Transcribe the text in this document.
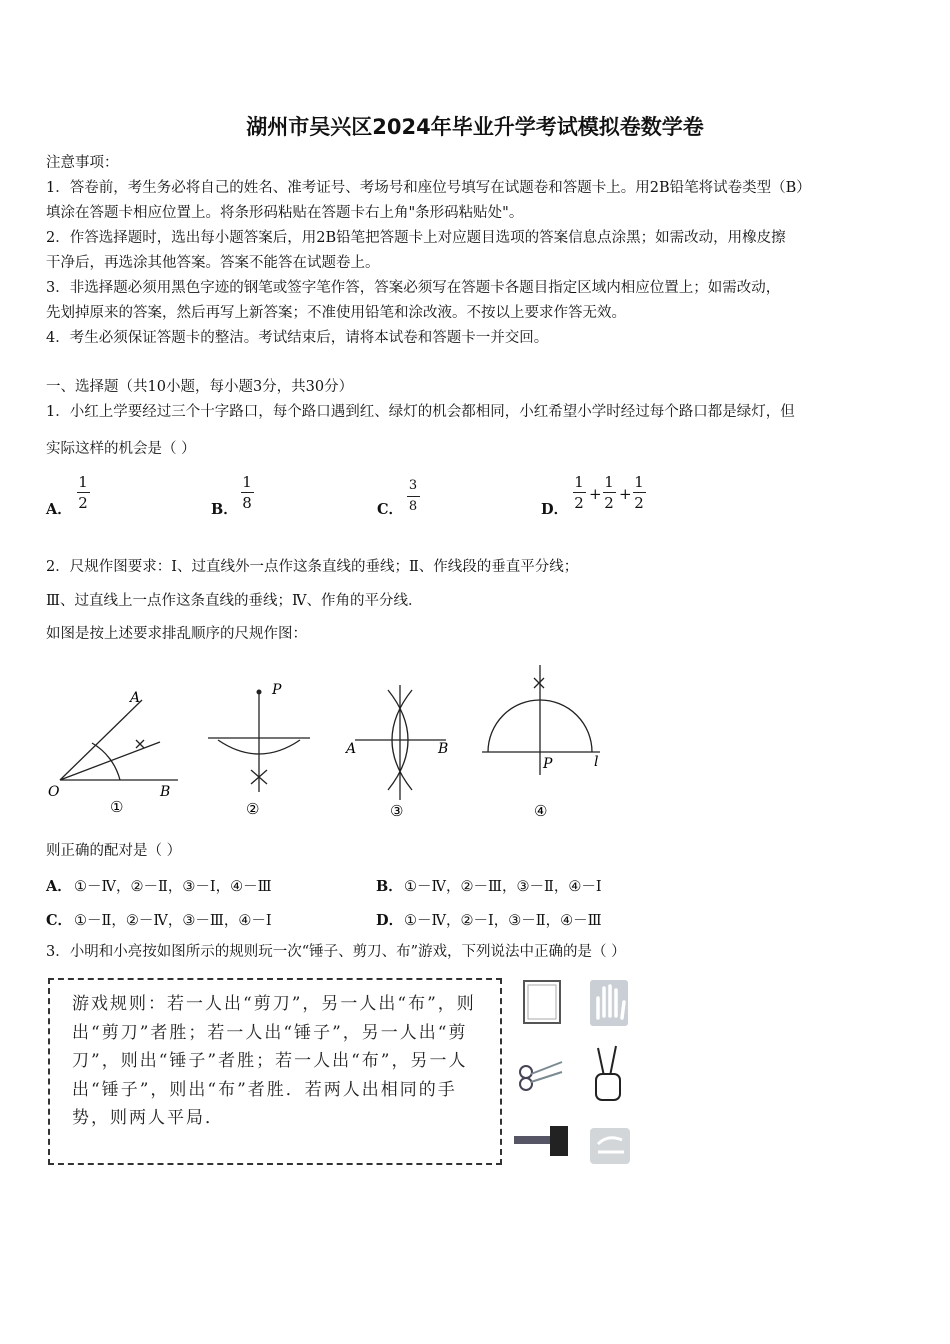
湖州市吴兴区2024年毕业升学考试模拟卷数学卷
注意事项：
1．答卷前，考生务必将自己的姓名、准考证号、考场号和座位号填写在试题卷和答题卡上。用2B铅笔将试卷类型（B）
填涂在答题卡相应位置上。将条形码粘贴在答题卡右上角"条形码粘贴处"。
2．作答选择题时，选出每小题答案后，用2B铅笔把答题卡上对应题目选项的答案信息点涂黑；如需改动，用橡皮擦
干净后，再选涂其他答案。答案不能答在试题卷上。
3．非选择题必须用黑色字迹的钢笔或签字笔作答，答案必须写在答题卡各题目指定区域内相应位置上；如需改动，
先划掉原来的答案，然后再写上新答案；不准使用铅笔和涂改液。不按以上要求作答无效。
4．考生必须保证答题卡的整洁。考试结束后，请将本试卷和答题卡一并交回。
一、选择题（共10小题，每小题3分，共30分）
1．小红上学要经过三个十字路口，每个路口遇到红、绿灯的机会都相同，小红希望小学时经过每个路口都是绿灯，但
实际这样的机会是（ ）
A．
1
2	B．
1
8	C．
3
8	D．
1
2 +
1
2 +
1
2
2．尺规作图要求：Ⅰ、过直线外一点作这条直线的垂线；Ⅱ、作线段的垂直平分线；
Ⅲ、过直线上一点作这条直线的垂线；Ⅳ、作角的平分线．
如图是按上述要求排乱顺序的尺规作图：
A
O	B
①
P
②
A	B
③
P	l
④
则正确的配对是（ ）
A． ①－Ⅳ，②－Ⅱ，③－Ⅰ，④－Ⅲ	B． ①－Ⅳ，②－Ⅲ，③－Ⅱ，④－Ⅰ
C． ①－Ⅱ，②－Ⅳ，③－Ⅲ，④－Ⅰ	D． ①－Ⅳ，②－Ⅰ，③－Ⅱ，④－Ⅲ
3．小明和小亮按如图所示的规则玩一次“锤子、剪刀、布”游戏，下列说法中正确的是（ ）
游戏规则：若一人出“剪刀”，另一人出“布”，则出“剪刀”者胜；若一人出“锤子”，另一人出“剪刀”，则出“锤子”者胜；若一人出“布”，另一人出“锤子”，则出“布”者胜．若两人出相同的手势，则两人平局．
